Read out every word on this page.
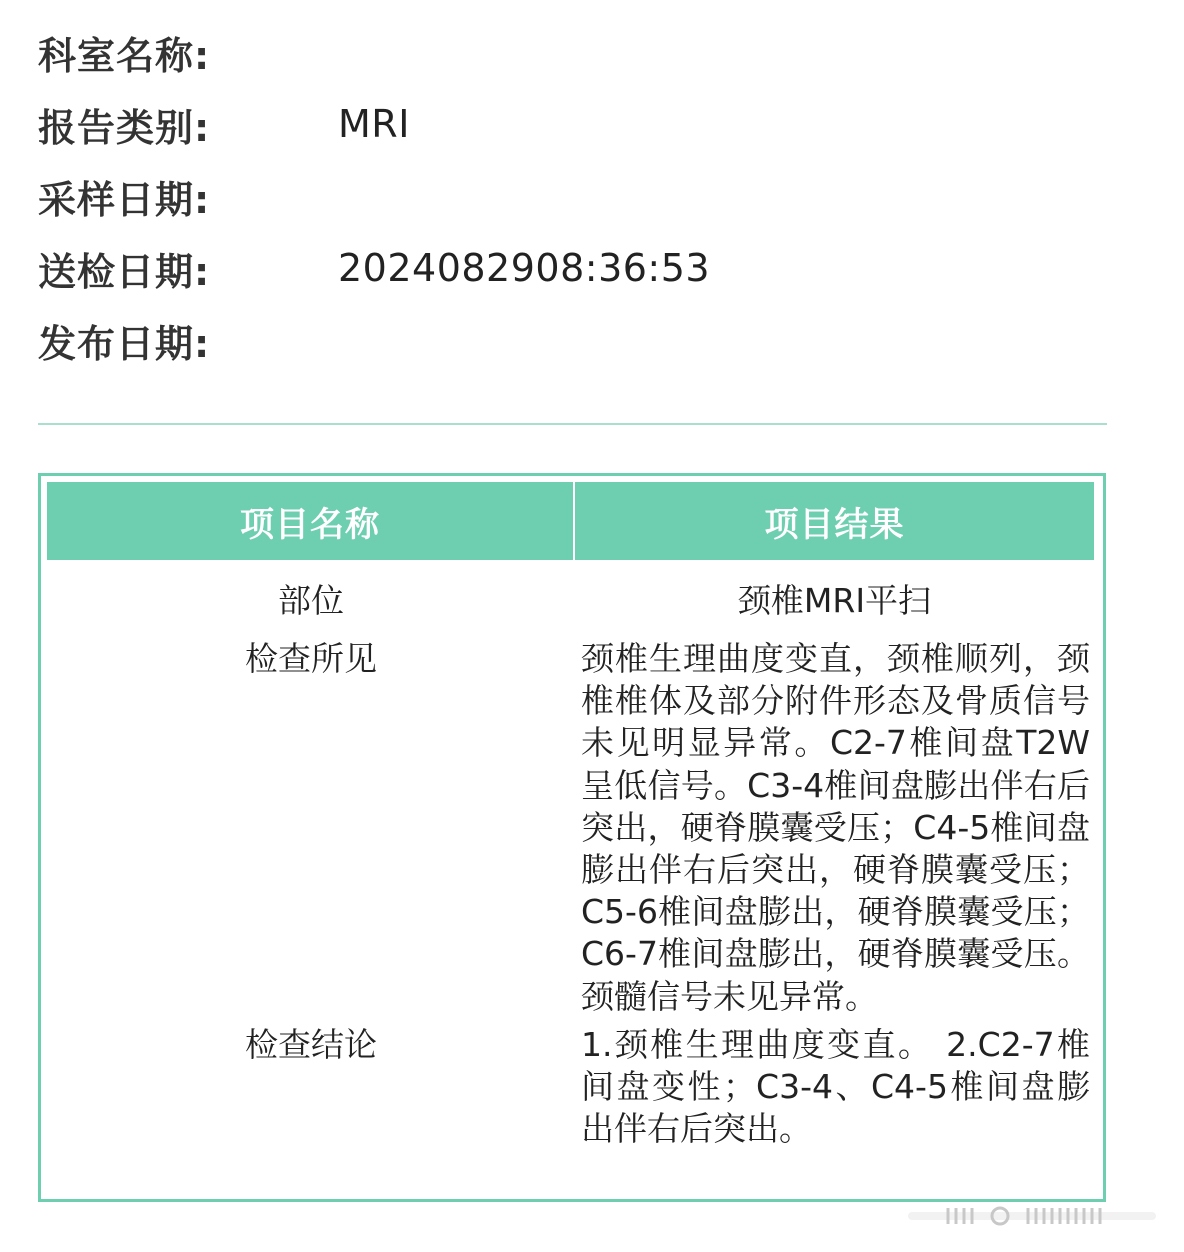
科室名称:
报告类别:	MRI
采样日期:
送检日期:	2024082908:36:53
发布日期:
项目名称	项目结果
部位	颈椎MRI平扫
检查所见	颈椎生理曲度变直，颈椎顺列，颈椎椎体及部分附件形态及骨质信号未见明显异常。C2-7椎间盘T2W呈低信号。C3-4椎间盘膨出伴右后突出，硬脊膜囊受压；C4-5椎间盘膨出伴右后突出，硬脊膜囊受压；C5-6椎间盘膨出，硬脊膜囊受压；C6-7椎间盘膨出，硬脊膜囊受压。颈髓信号未见异常。
检查结论	1.颈椎生理曲度变直。 2.C2-7椎间盘变性；C3-4、C4-5椎间盘膨出伴右后突出。
